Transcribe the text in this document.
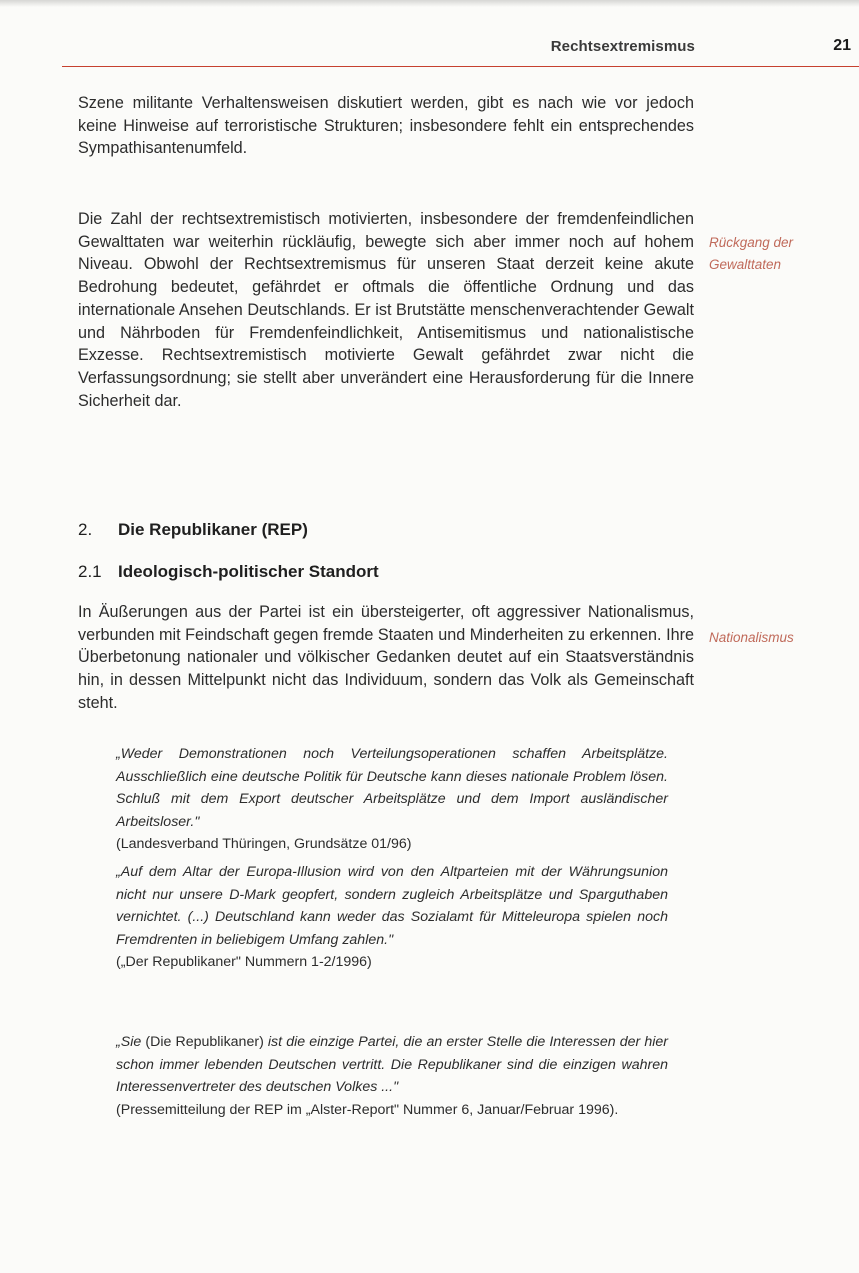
Rechtsextremismus	21

Szene militante Verhaltensweisen diskutiert werden, gibt es nach wie vor jedoch keine Hinweise auf terroristische Strukturen; insbesondere fehlt ein entsprechendes Sympathisantenumfeld.

Die Zahl der rechtsextremistisch motivierten, insbesondere der fremdenfeindlichen Gewalttaten war weiterhin rückläufig, bewegte sich aber immer noch auf hohem Niveau. Obwohl der Rechtsextremismus für unseren Staat derzeit keine akute Bedrohung bedeutet, gefährdet er oftmals die öffentliche Ordnung und das internationale Ansehen Deutschlands. Er ist Brutstätte menschenverachtender Gewalt und Nährboden für Fremdenfeindlichkeit, Antisemitismus und nationalistische Exzesse. Rechtsextremistisch motivierte Gewalt gefährdet zwar nicht die Verfassungsordnung; sie stellt aber unverändert eine Herausforderung für die Innere Sicherheit dar.

Rückgang der Gewalttaten
2. Die Republikaner (REP)
2.1 Ideologisch-politischer Standort

In Äußerungen aus der Partei ist ein übersteigerter, oft aggressiver Nationalismus, verbunden mit Feindschaft gegen fremde Staaten und Minderheiten zu erkennen. Ihre Überbetonung nationaler und völkischer Gedanken deutet auf ein Staatsverständnis hin, in dessen Mittelpunkt nicht das Individuum, sondern das Volk als Gemeinschaft steht.

Nationalismus
„Weder Demonstrationen noch Verteilungsoperationen schaffen Arbeitsplätze. Ausschließlich eine deutsche Politik für Deutsche kann dieses nationale Problem lösen. Schluß mit dem Export deutscher Arbeitsplätze und dem Import ausländischer Arbeitsloser."
(Landesverband Thüringen, Grundsätze 01/96)
„Auf dem Altar der Europa-Illusion wird von den Altparteien mit der Währungsunion nicht nur unsere D-Mark geopfert, sondern zugleich Arbeitsplätze und Sparguthaben vernichtet. (...) Deutschland kann weder das Sozialamt für Mitteleuropa spielen noch Fremdrenten in beliebigem Umfang zahlen."
(„Der Republikaner" Nummern 1-2/1996)
„Sie (Die Republikaner) ist die einzige Partei, die an erster Stelle die Interessen der hier schon immer lebenden Deutschen vertritt. Die Republikaner sind die einzigen wahren Interessenvertreter des deutschen Volkes ..."
(Pressemitteilung der REP im „Alster-Report" Nummer 6, Januar/Februar 1996).
